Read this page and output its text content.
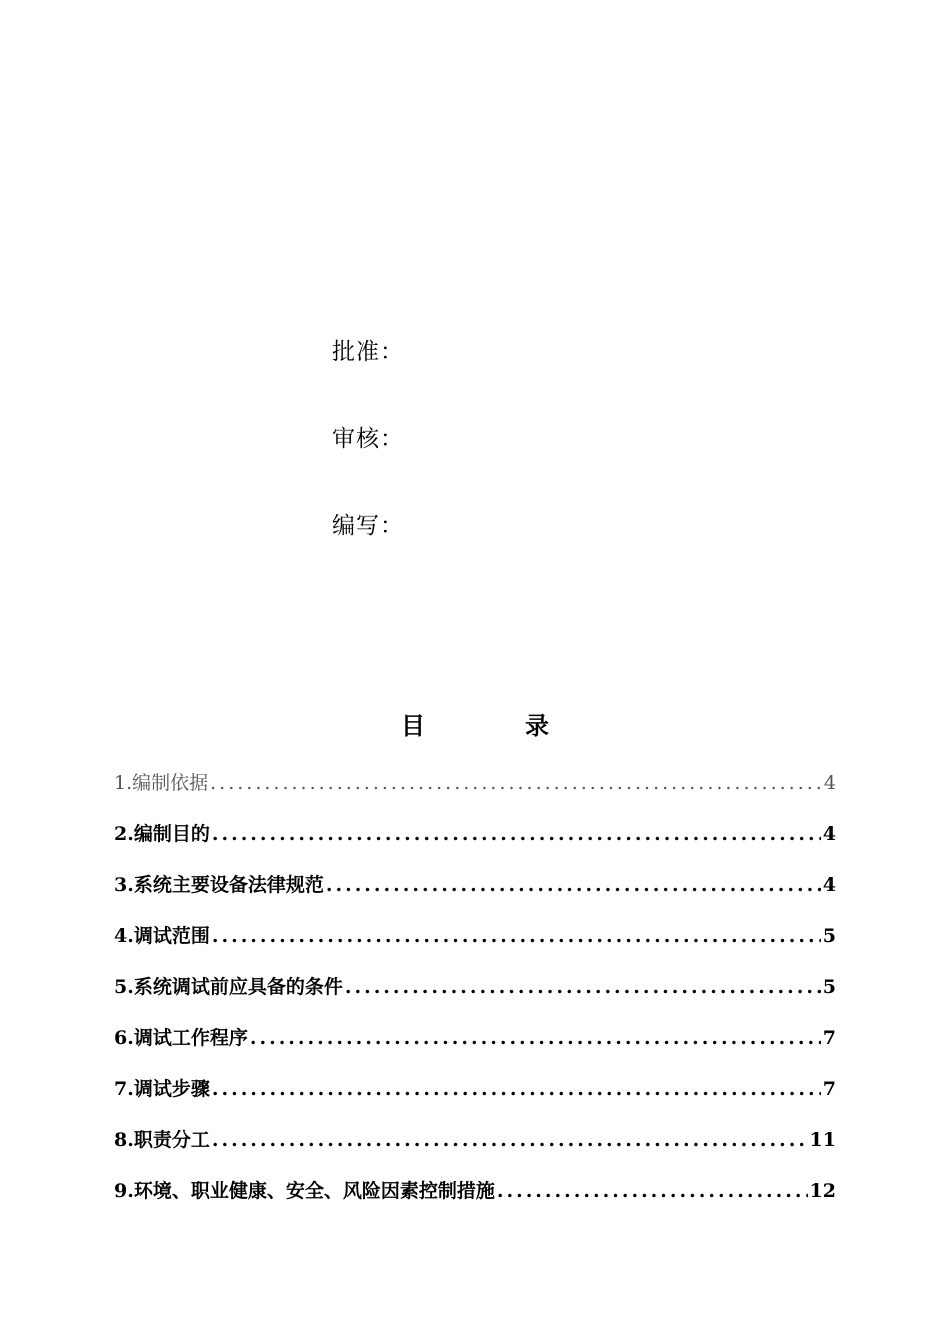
批准：
审核：
编写：
目	录
1.编制依据 .....	4
2.编制目的 .....	4
3.系统主要设备法律规范 .....	4
4.调试范围 .....	5
5.系统调试前应具备的条件 .....	5
6.调试工作程序 .....	7
7.调试步骤 .....	7
8.职责分工 .....	11
9.环境、职业健康、安全、风险因素控制措施 .....	12
